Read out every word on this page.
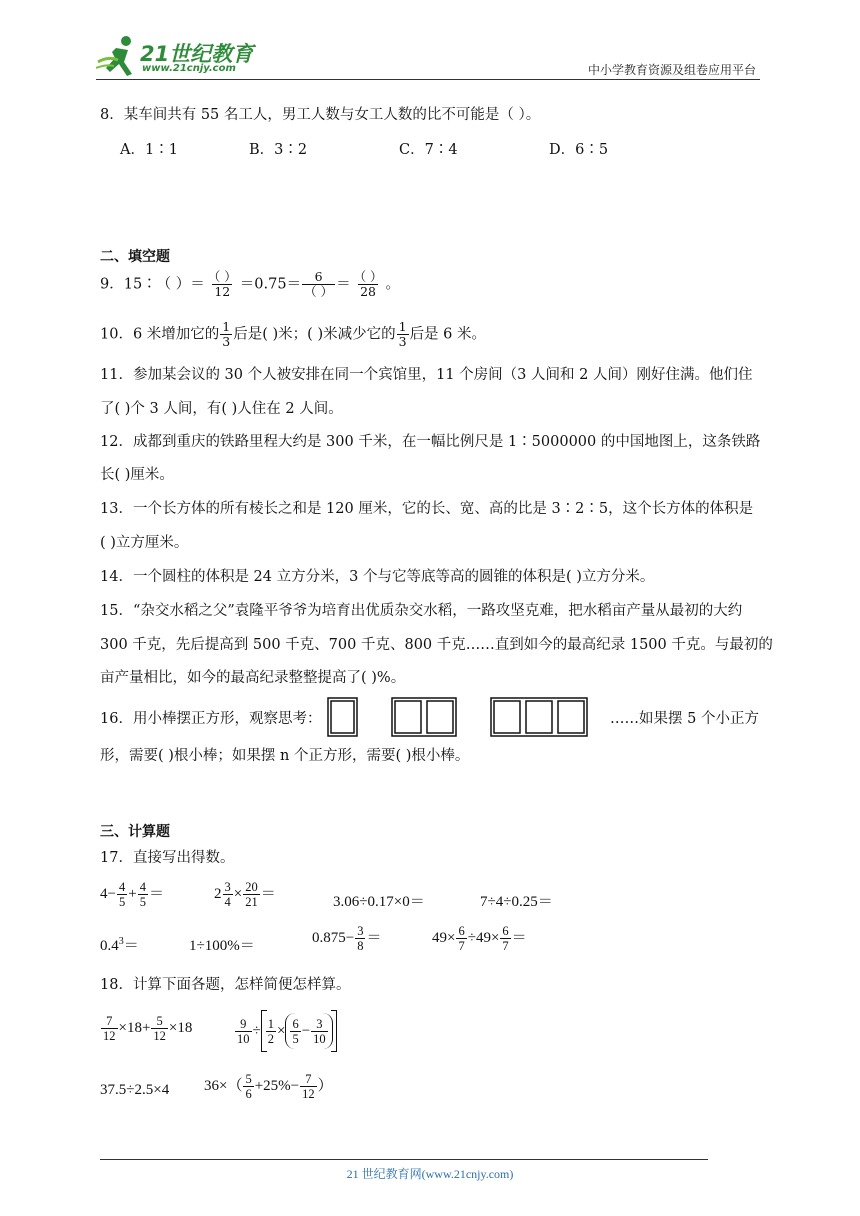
21世纪教育
www.21cnjy.com	中小学教育资源及组卷应用平台
8．某车间共有 55 名工人，男工人数与女工人数的比不可能是（ ）。
A．1∶1	B．3∶2	C．7∶4	D．6∶5
二、填空题
9．15∶（ ）＝ $\frac{( )}{12} =0.75= \frac{6}{( )} = \frac{( )}{28}$ 。
10．6 米增加它的 $\frac{1}{3}$ 后是( )米；( )米减少它的 $\frac{1}{3}$ 后是 6 米。
11．参加某会议的 30 个人被安排在同一个宾馆里，11 个房间（3 人间和 2 人间）刚好住满。他们住
了( )个 3 人间，有( )人住在 2 人间。
12．成都到重庆的铁路里程大约是 300 千米，在一幅比例尺是 1∶5000000 的中国地图上，这条铁路
长( )厘米。
13．一个长方体的所有棱长之和是 120 厘米，它的长、宽、高的比是 3∶2∶5，这个长方体的体积是
( )立方厘米。
14．一个圆柱的体积是 24 立方分米，3 个与它等底等高的圆锥的体积是( )立方分米。
15．“杂交水稻之父”袁隆平爷爷为培育出优质杂交水稻，一路攻坚克难，把水稻亩产量从最初的大约
300 千克，先后提高到 500 千克、700 千克、800 千克……直到如今的最高纪录 1500 千克。与最初的
亩产量相比，如今的最高纪录整整提高了( )%。
16．用小棒摆正方形，观察思考：	……如果摆 5 个小正方
形，需要( )根小棒；如果摆 n 个正方形，需要( )根小棒。
三、计算题
17．直接写出得数。
$4- \frac{4}{5} + \frac{4}{5}$ ＝	$2 \frac{3}{4} \times \frac{20}{21}$ ＝
3.06÷0.17×0＝	7÷4÷0.25＝
$0.4^3=$	1÷100%＝
$0.875- \frac{3}{8}$ ＝	$49\times \frac{6}{7} \div 49\times \frac{6}{7}$ ＝
18．计算下面各题，怎样简便怎样算。
$\frac{7}{12} \times 18+ \frac{5}{12} \times 18$	$\frac{9}{10} \div \frac{1}{2} \times \frac{6}{5} - \frac{3}{10}$
37.5÷2.5×4 $36\times( \frac{5}{6} +25\%- \frac{7}{12}$ ）
21 世纪教育网(www.21cnjy.com)
